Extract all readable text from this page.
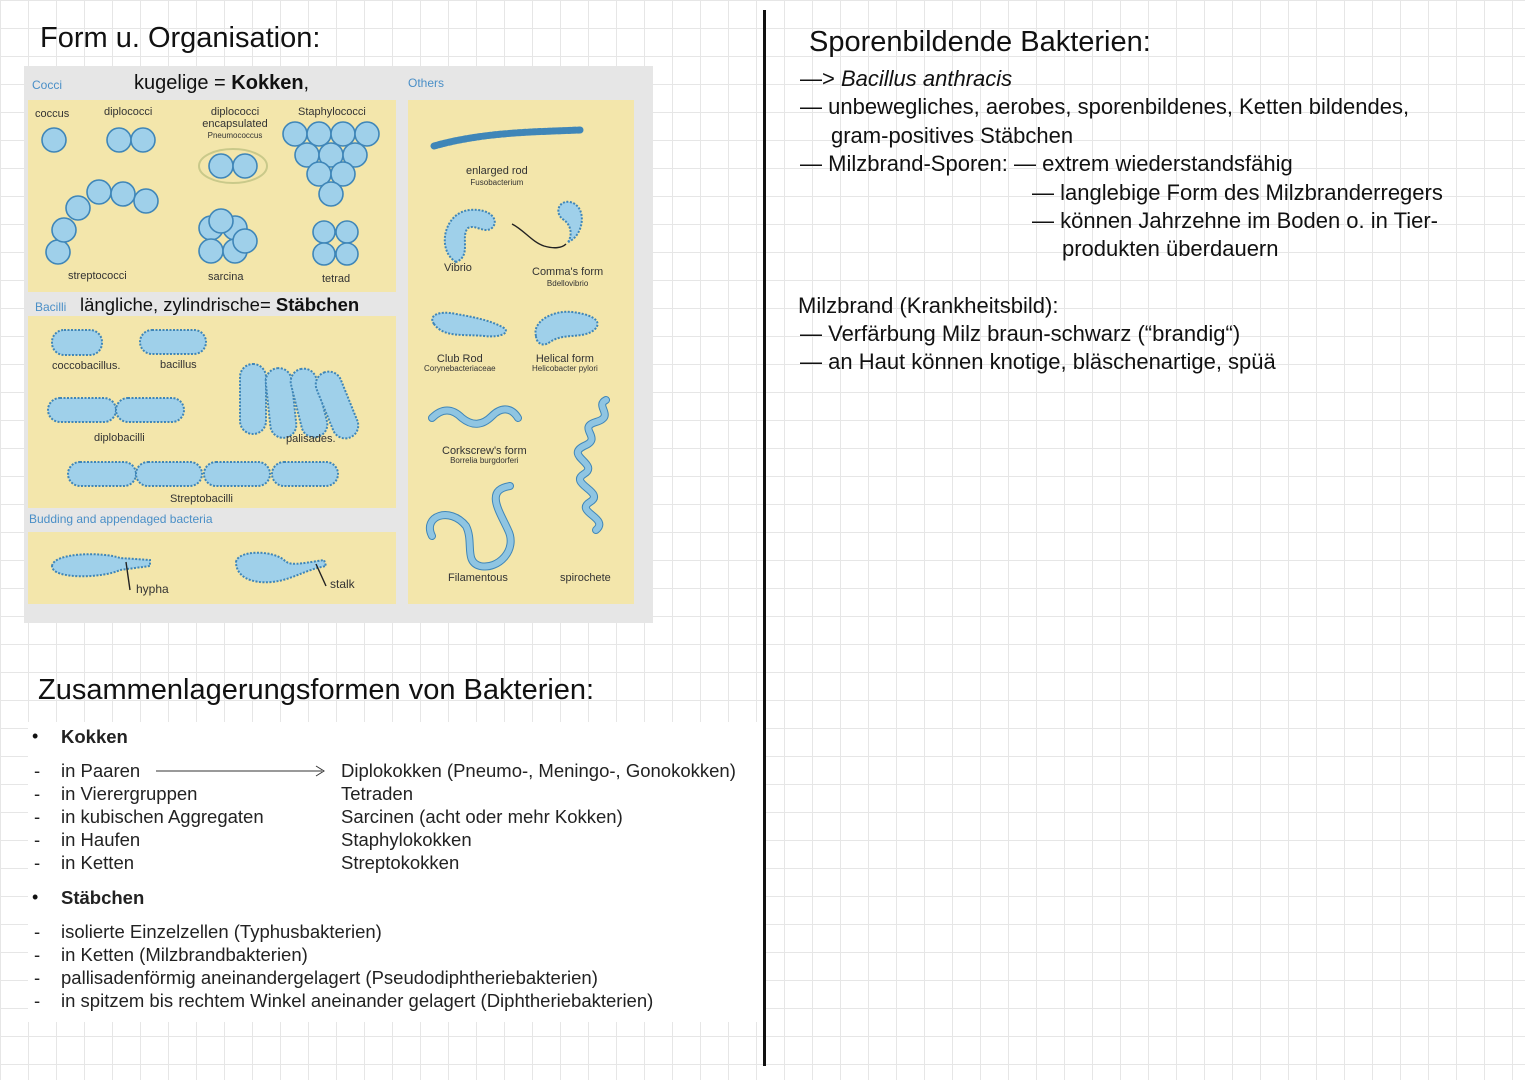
Form u. Organisation:
Cocci	kugelige = Kokken,	Others
coccus	diplococci	diplococci encapsulated
Pneumococcus
Staphylococci
streptococci	sarcina	tetrad
Bacilli längliche, zylindrische= Stäbchen
coccobacillus.	bacillus
diplobacilli	palisades.
Streptobacilli
Budding and appendaged bacteria
hypha	stalk
enlarged rod
Fusobacterium
Vibrio	Comma's form
Bdellovibrio
Club Rod
Corynebacteriaceae
Helical form
Helicobacter pylori
Corkscrew's form
Borrelia burgdorferi
Filamentous	spirochete
Zusammenlagerungsformen von Bakterien:
• Kokken
- in Paaren	Diplokokken (Pneumo-, Meningo-, Gonokokken)
- in Vierergruppen	Tetraden
- in kubischen Aggregaten	Sarcinen (acht oder mehr Kokken)
- in Haufen	Staphylokokken
- in Ketten	Streptokokken
• Stäbchen
- isolierte Einzelzellen (Typhusbakterien)
- in Ketten (Milzbrandbakterien)
- pallisadenförmig aneinandergelagert (Pseudodiphtheriebakterien)
- in spitzem bis rechtem Winkel aneinander gelagert (Diphtheriebakterien)
Sporenbildende Bakterien:
—> Bacillus anthracis
— unbewegliches, aerobes, sporenbildenes, Ketten bildendes,
gram-positives Stäbchen
— Milzbrand-Sporen: — extrem wiederstandsfähig
— langlebige Form des Milzbranderregers
— können Jahrzehne im Boden o. in Tier-
produkten überdauern
Milzbrand (Krankheitsbild):
— Verfärbung Milz braun-schwarz (“brandig“)
— an Haut können knotige, bläschenartige, spüä
